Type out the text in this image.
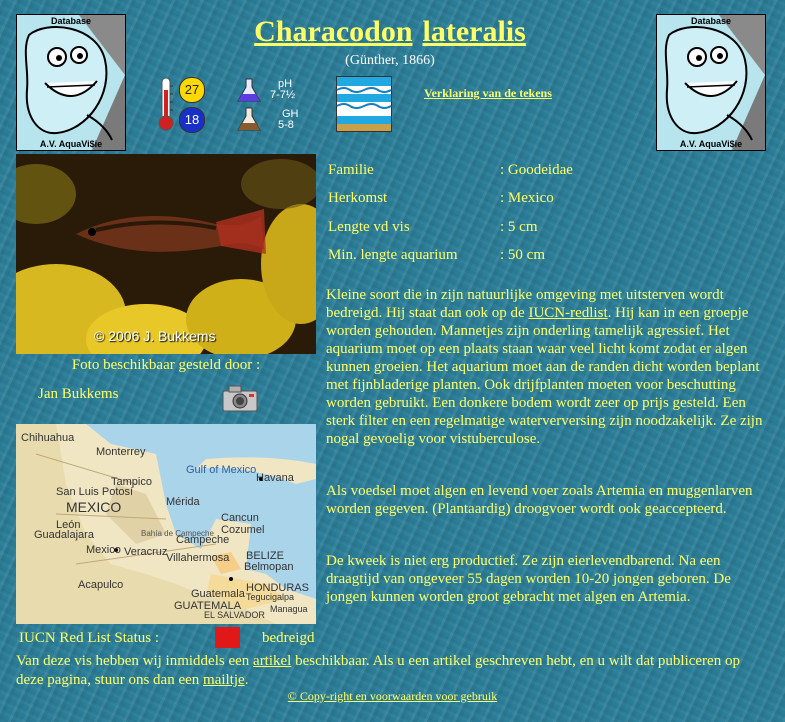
Database
A.V. AquaVi$ie
Database
A.V. AquaVi$ie
Characodon lateralis
(Günther, 1866)
27
18
pH
7-7½
GH
5-8
Verklaring van de tekens
© 2006 J. Bukkems
Foto beschikbaar gesteld door :
Jan Bukkems
Gulf of Mexico
MEXICO
Havana
Cancun
Cozumel
Mérida
Campeche
Bahía de Campeche
Villahermosa BELIZE
Belmopan
Mexico Veracruz
Guadalajara
Acapulco
León
Monterrey
Tampico
Chihuahua
San Luis Potosí
GUATEMALA
Guatemala HONDURAS
Tegucigalpa
EL SALVADOR
Managua
IUCN Red List Status :	bedreigd
Familie	: Goodeidae
Herkomst	: Mexico
Lengte vd vis	: 5 cm
Min. lengte aquarium	: 50 cm
Kleine soort die in zijn natuurlijke omgeving met uitsterven wordt bedreigd. Hij staat dan ook op de IUCN-redlist. Hij kan in een groepje worden gehouden. Mannetjes zijn onderling tamelijk agressief. Het aquarium moet op een plaats staan waar veel licht komt zodat er algen kunnen groeien. Het aquarium moet aan de randen dicht worden beplant met fijnbladerige planten. Ook drijfplanten moeten voor beschutting worden gebruikt. Een donkere bodem wordt zeer op prijs gesteld. Een sterk filter en een regelmatige waterverversing zijn noodzakelijk. Ze zijn nogal gevoelig voor vistuberculose.
Als voedsel moet algen en levend voer zoals Artemia en muggenlarven worden gegeven. (Plantaardig) droogvoer wordt ook geaccepteerd.
De kweek is niet erg productief. Ze zijn eierlevendbarend. Na een draagtijd van ongeveer 55 dagen worden 10-20 jongen geboren. De jongen kunnen worden groot gebracht met algen en Artemia.
Van deze vis hebben wij inmiddels een artikel beschikbaar. Als u een artikel geschreven hebt, en u wilt dat publiceren op deze pagina, stuur ons dan een mailtje.
© Copy-right en voorwaarden voor gebruik
